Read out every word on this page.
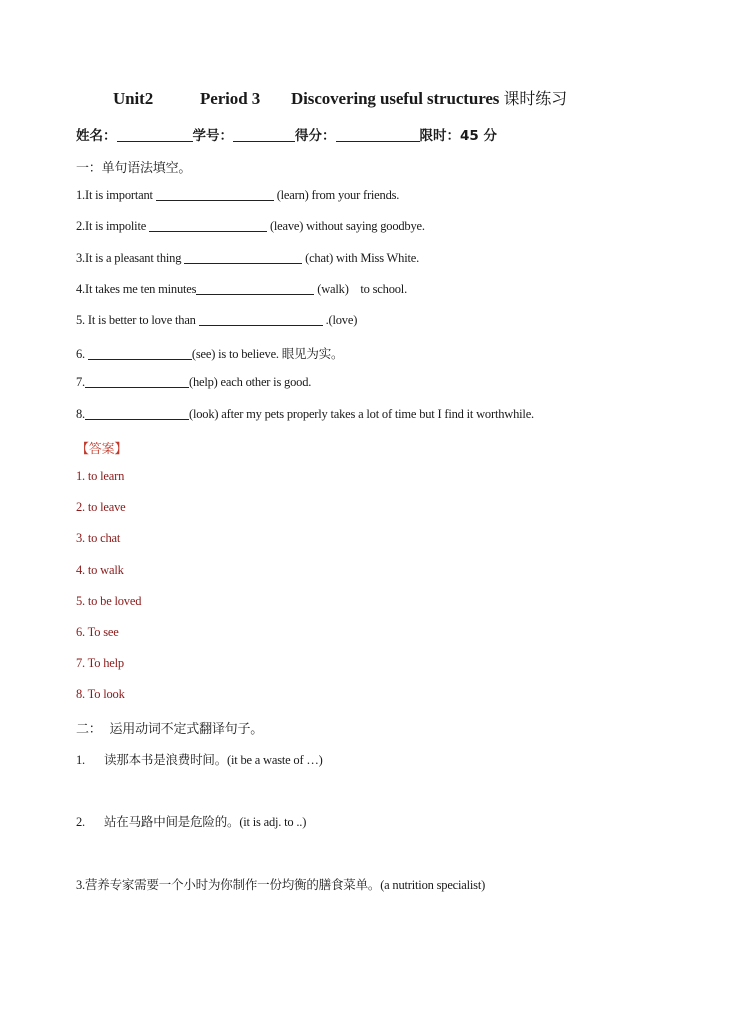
Unit2	Period 3 Discovering useful structures 课时练习
姓名：	学号：	得分：	限时：45 分
一：单句语法填空。
1.It is important	(learn) from your friends.
2.It is impolite	(leave) without saying goodbye.
3.It is a pleasant thing	(chat) with Miss White.
4.It takes me ten minutes	(walk)    to school.
5. It is better to love than	.(love)
6.	(see) is to believe. 眼见为实。
7.	(help) each other is good.
8.	(look) after my pets properly takes a lot of time but I find it worthwhile.
【答案】
1. to learn
2. to leave
3. to chat
4. to walk
5. to be loved
6. To see
7. To help
8. To look
二：  运用动词不定式翻译句子。
1. 读那本书是浪费时间。(it be a waste of …)
2. 站在马路中间是危险的。(it is adj. to ..)
3.营养专家需要一个小时为你制作一份均衡的膳食菜单。(a nutrition specialist)
